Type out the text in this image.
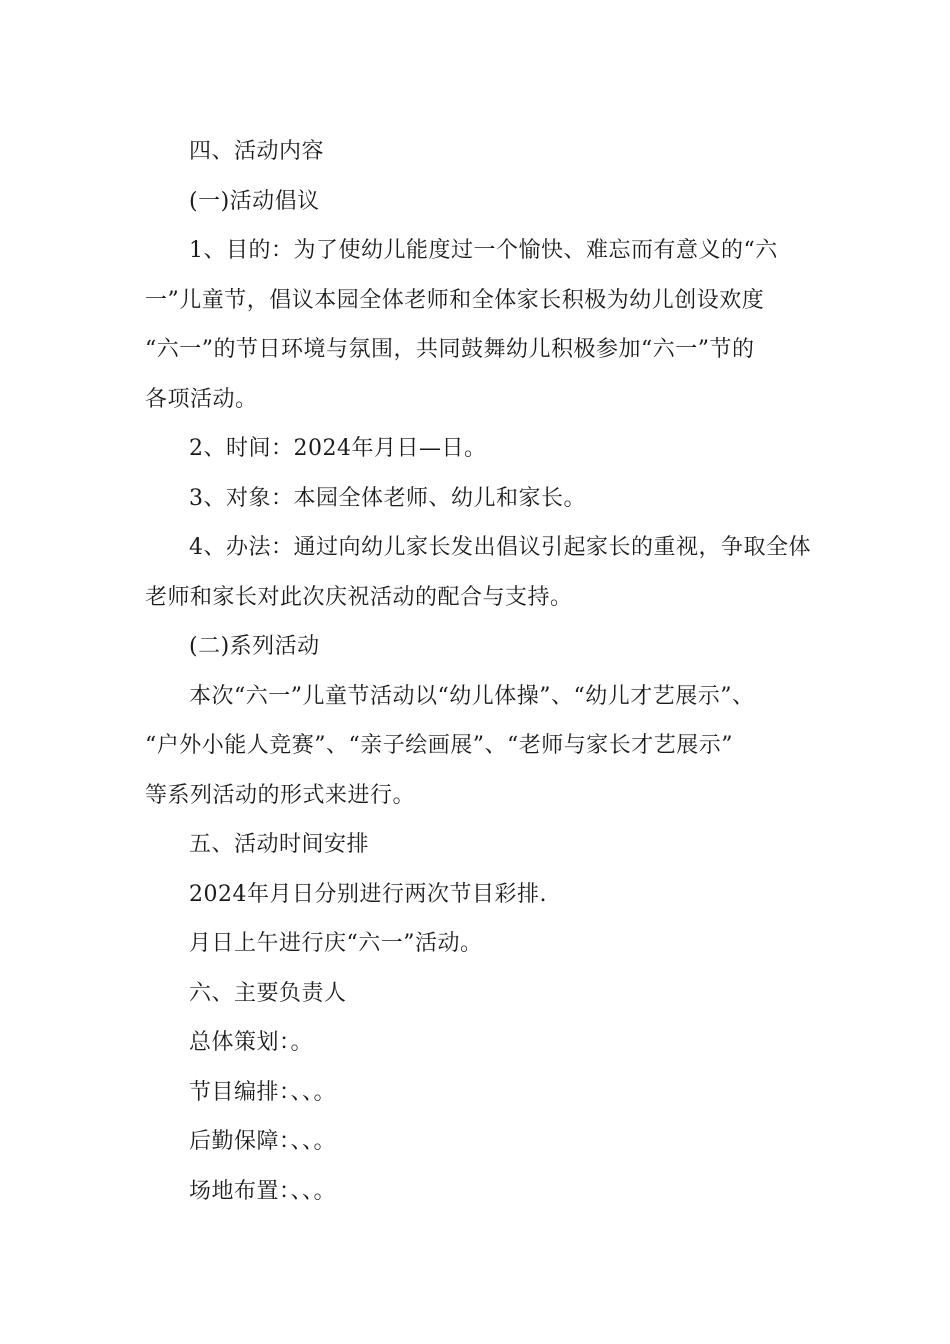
四、活动内容
(一)活动倡议
1、目的：为了使幼儿能度过一个愉快、难忘而有意义的“六
一”儿童节，倡议本园全体老师和全体家长积极为幼儿创设欢度
“六一”的节日环境与氛围，共同鼓舞幼儿积极参加“六一”节的
各项活动。
2、时间：2024年月日—日。
3、对象：本园全体老师、幼儿和家长。
4、办法：通过向幼儿家长发出倡议引起家长的重视，争取全体
老师和家长对此次庆祝活动的配合与支持。
(二)系列活动
本次“六一”儿童节活动以“幼儿体操”、“幼儿才艺展示”、
“户外小能人竞赛”、“亲子绘画展”、“老师与家长才艺展示”
等系列活动的形式来进行。
五、活动时间安排
2024年月日分别进行两次节目彩排.
月日上午进行庆“六一”活动。
六、主要负责人
总体策划：。
节目编排：、、。
后勤保障：、、。
场地布置：、、。
